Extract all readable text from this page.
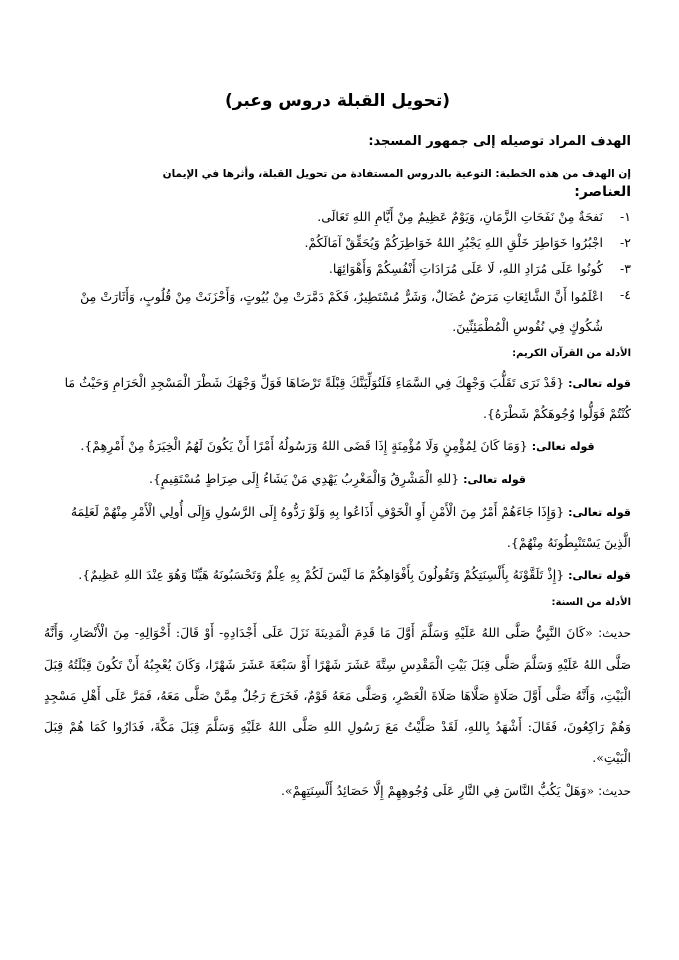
(تحويل القبلة دروس وعبر)

الهدف المراد توصيله إلى جمهور المسجد:

إن الهدف من هذه الخطبة: التوعية بالدروس المستفادة من تحويل القبلة، وأثرها في الإيمان

العناصر:
١-
نَفحَةٌ مِنْ نَفَحَاتِ الزَّمَانِ، وَيَوْمٌ عَظِيمٌ مِنْ أَيَّامِ اللهِ تَعَالَى.
٢-
اجْبُرُوا خَوَاطِرَ خَلْقِ اللهِ يَجْبُرِ اللهُ خَوَاطِرَكُمْ وَيُحَقِّقْ آمَالَكُمْ.
٣-
كُونُوا عَلَى مُرَادِ اللهِ، لَا عَلَى مُرَادَاتِ أَنْفُسِكُمْ وَأَهْوَائِهَا.
٤-
اعْلَمُوا أَنَّ الشَّائِعَاتِ مَرَضٌ عُضَالٌ، وَشَرٌّ مُسْتَطِيرٌ، فَكَمْ دَمَّرَتْ مِنْ بُيُوتٍ، وَأَحْزَنَتْ مِنْ قُلُوبٍ، وَأَثَارَتْ مِنْ شُكُوكٍ فِي نُفُوسِ الْمُطْمَئِنِّينَ.
الأدلة من القرآن الكريم:

قوله تعالى: {قَدْ نَرَى تَقَلُّبَ وَجْهِكَ فِي السَّمَاءِ فَلَنُوَلِّيَنَّكَ قِبْلَةً تَرْضَاهَا فَوَلِّ وَجْهَكَ شَطْرَ الْمَسْجِدِ الْحَرَامِ وَحَيْثُ مَا كُنْتُمْ فَوَلُّوا وُجُوهَكُمْ شَطْرَهُ}.

قوله تعالى: {وَمَا كَانَ لِمُؤْمِنٍ وَلَا مُؤْمِنَةٍ إِذَا قَضَى اللهُ وَرَسُولُهُ أَمْرًا أَنْ يَكُونَ لَهُمُ الْخِيَرَةُ مِنْ أَمْرِهِمْ}.

قوله تعالى: {للهِ الْمَشْرِقُ وَالْمَغْرِبُ يَهْدِي مَنْ يَشَاءُ إِلَى صِرَاطٍ مُسْتَقِيمٍ}.

قوله تعالى: {وَإِذَا جَاءَهُمْ أَمْرٌ مِنَ الْأَمْنِ أَوِ الْخَوْفِ أَذَاعُوا بِهِ وَلَوْ رَدُّوهُ إِلَى الرَّسُولِ وَإِلَى أُولِي الْأَمْرِ مِنْهُمْ لَعَلِمَهُ الَّذِينَ يَسْتَنْبِطُونَهُ مِنْهُمْ}.

قوله تعالى: {إِذْ تَلَقَّوْنَهُ بِأَلْسِنَتِكُمْ وَتَقُولُونَ بِأَفْوَاهِكُمْ مَا لَيْسَ لَكُمْ بِهِ عِلْمٌ وَتَحْسَبُونَهُ هَيِّنًا وَهُوَ عِنْدَ اللهِ عَظِيمٌ}.

الأدلة من السنة:

حديث: «كَانَ النَّبِيُّ صَلَّى اللهُ عَلَيْهِ وَسَلَّمَ أَوَّلَ مَا قَدِمَ الْمَدِينَةَ نَزَلَ عَلَى أَجْدَادِهِ- أَوْ قَالَ: أَخْوَالِهِ- مِنَ الْأَنْصَارِ، وَأَنَّهُ صَلَّى اللهُ عَلَيْهِ وَسَلَّمَ صَلَّى قِبَلَ بَيْتِ الْمَقْدِسِ سِتَّةَ عَشَرَ شَهْرًا أَوْ سَبْعَةَ عَشَرَ شَهْرًا، وَكَانَ يُعْجِبُهُ أَنْ تَكُونَ قِبْلَتُهُ قِبَلَ الْبَيْتِ، وَأَنَّهُ صَلَّى أَوَّلَ صَلَاةٍ صَلَّاهَا صَلَاةَ الْعَصْرِ، وَصَلَّى مَعَهُ قَوْمٌ، فَخَرَجَ رَجُلٌ مِمَّنْ صَلَّى مَعَهُ، فَمَرَّ عَلَى أَهْلِ مَسْجِدٍ وَهُمْ رَاكِعُونَ، فَقَالَ: أَشْهَدُ بِاللهِ، لَقَدْ صَلَّيْتُ مَعَ رَسُولِ اللهِ صَلَّى اللهُ عَلَيْهِ وَسَلَّمَ قِبَلَ مَكَّةَ، فَدَارُوا كَمَا هُمْ قِبَلَ الْبَيْتِ».

حديث: «وَهَلْ يَكُبُّ النَّاسَ فِي النَّارِ عَلَى وُجُوهِهِمْ إِلَّا حَصَائِدُ أَلْسِنَتِهِمْ».
